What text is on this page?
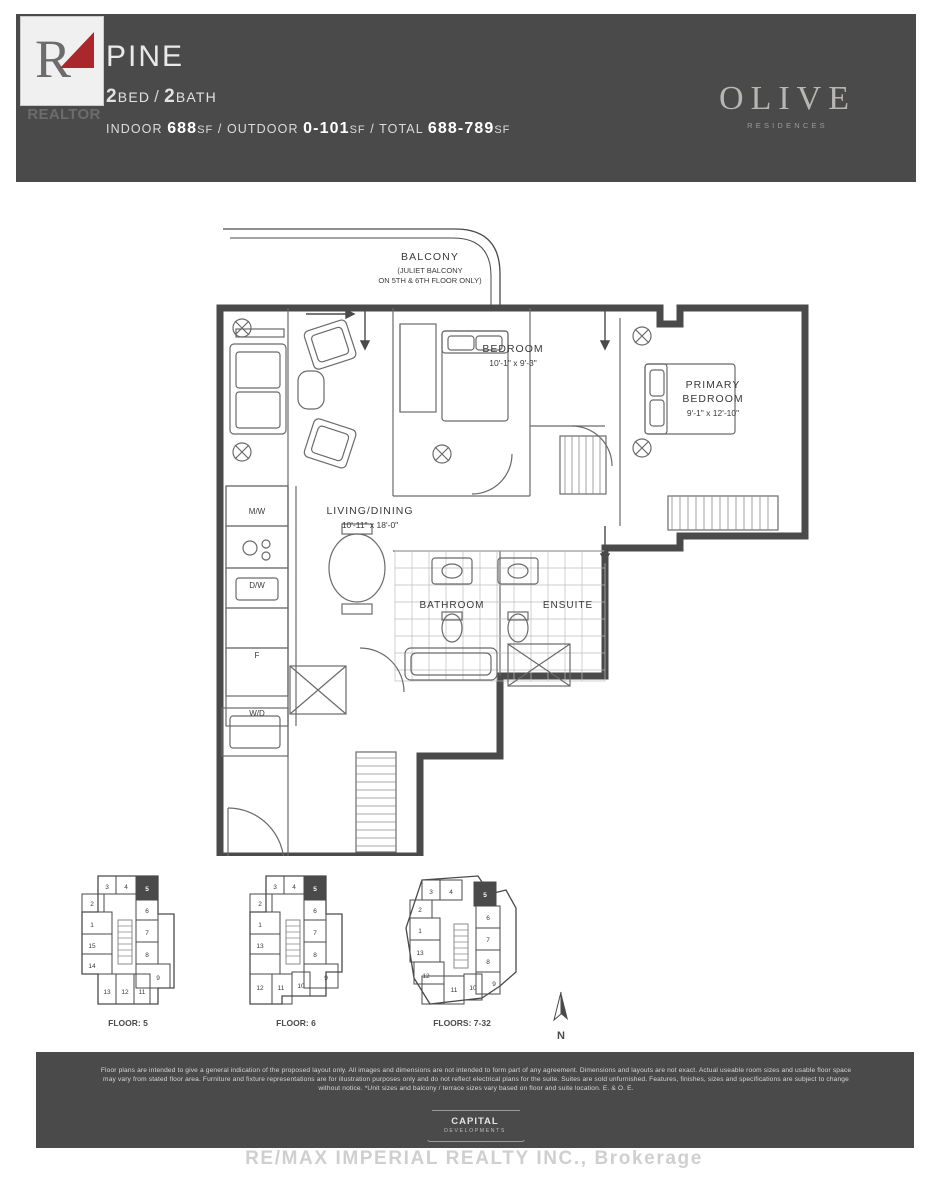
PINE
2BED / 2BATH
INDOOR 688SF / OUTDOOR 0-101SF / TOTAL 688-789SF
OLIVE
RESIDENCES
R
REALTOR
BALCONY
(JULIET BALCONY
ON 5TH & 6TH FLOOR ONLY)
BEDROOM
10'-1" x 9'-3"
PRIMARY
BEDROOM
9'-1" x 12'-10"
LIVING/DINING
10'-11" x 18'-0"
BATHROOM	ENSUITE
M/W
D/W
F
W/D
3 4	5
2
6
1
7
15
8
14
9
13 12 11
FLOOR: 5
3 4	5
2
6
1
7
13
8
12 11 10
9
FLOOR: 6
3	4	5
2
6
1
7
13
8
12
11 10
9
FLOORS: 7-32
N
Floor plans are intended to give a general indication of the proposed layout only. All images and dimensions are not intended to form part of any agreement. Dimensions and layouts are not exact. Actual useable room sizes and usable floor space may vary from stated floor area. Furniture and fixture representations are for illustration purposes only and do not reflect electrical plans for the suite. Suites are sold unfurnished. Features, finishes, sizes and specifications are subject to change without notice. *Unit sizes and balcony / terrace sizes vary based on floor and suite location. E. & O. E.
CAPITAL
DEVELOPMENTS
RE/MAX IMPERIAL REALTY INC., Brokerage
